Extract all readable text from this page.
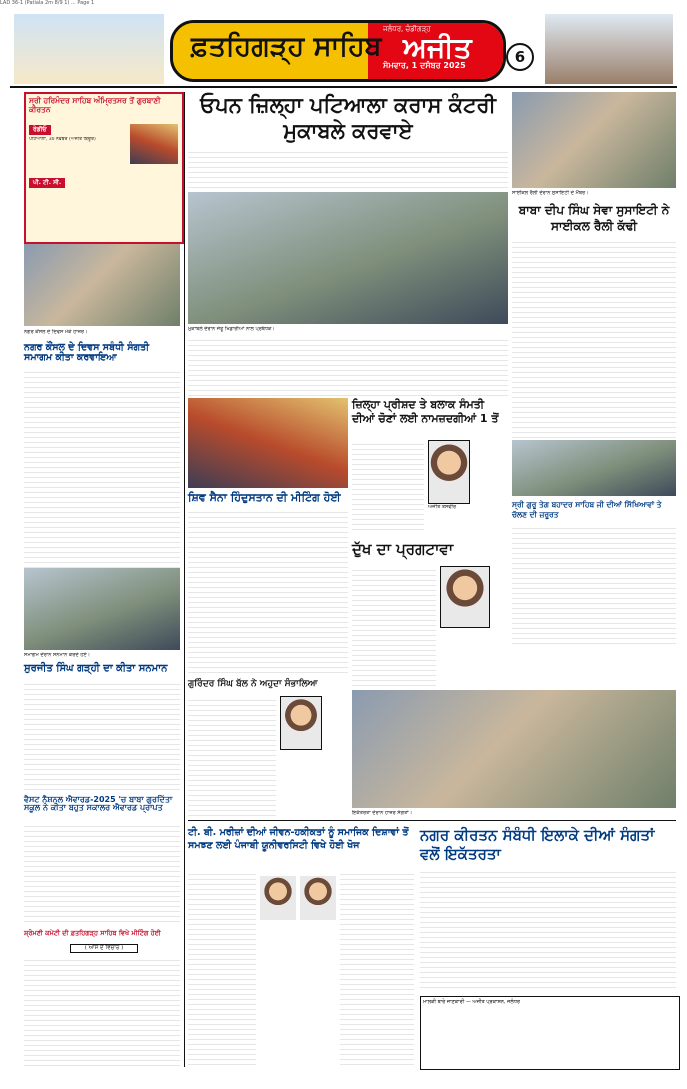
LAD 36-1 (Patiala 2m 8/9 1) ... Page 1
ਫ਼ਤਹਿਗੜ੍ਹ ਸਾਹਿਬ
ਜਲੰਧਰ, ਚੰਡੀਗੜ੍ਹ
ਅਜੀਤ
ਸੋਮਵਾਰ, 1 ਦਸੰਬਰ 2025	6
ਸ੍ਰੀ ਹਰਿਮੰਦਰ ਸਾਹਿਬ ਅੰਮ੍ਰਿਤਸਰ ਤੋਂ ਗੁਰਬਾਣੀ ਕੀਰਤਨ
ਰੇਡੀਓ
ਪਟਿਆਲਾ, 30 ਨਵੰਬਰ (ਅਜੀਤ ਬਿਊਰੋ)
ਪੀ. ਟੀ. ਸੀ.
ਨਗਰ ਕੌਂਸਲ ਦੇ ਦਿਵਸ ਮੌਕੇ ਹਾਜ਼ਰ।
ਨਗਰ ਕੌਂਸਲ ਦੇ ਦਿਵਸ ਸਬੰਧੀ ਸੰਗਤੀ ਸਮਾਗਮ ਕੀਤਾ ਕਰਵਾਇਆ
ਸਮਾਗਮ ਦੌਰਾਨ ਸਨਮਾਨ ਕਰਦੇ ਹੋਏ।
ਸੁਰਜੀਤ ਸਿੰਘ ਗੜ੍ਹੀ ਦਾ ਕੀਤਾ ਸਨਮਾਨ
ਵੈਸਟ ਨੈਸ਼ਨਲ ਐਵਾਰਡ-2025 'ਚ ਬਾਬਾ ਗੁਰਦਿੱਤਾ ਸਕੂਲ ਨੇ ਕੀਤਾ ਬਹੁਤ ਸਕਾਲਰ ਐਵਾਰਡ ਪ੍ਰਾਪਤ
ਸ਼੍ਰੋਮਣੀ ਕਮੇਟੀ ਦੀ ਫ਼ਤਹਿਗੜ੍ਹ ਸਾਹਿਬ ਵਿਖੇ ਮੀਟਿੰਗ ਹੋਈ
( ਆਸ ਦੇ ਵਿਚਾਰ )
ਓਪਨ ਜ਼ਿਲ੍ਹਾ ਪਟਿਆਲਾ ਕਰਾਸ ਕੰਟਰੀ ਮੁਕਾਬਲੇ ਕਰਵਾਏ
ਮੁਕਾਬਲੇ ਦੌਰਾਨ ਜੇਤੂ ਖਿਡਾਰੀਆਂ ਨਾਲ ਪ੍ਰਬੰਧਕ।
ਸਾਈਕਲ ਰੈਲੀ ਦੌਰਾਨ ਸੁਸਾਇਟੀ ਦੇ ਮੈਂਬਰ।
ਬਾਬਾ ਦੀਪ ਸਿੰਘ ਸੇਵਾ ਸੁਸਾਇਟੀ ਨੇ ਸਾਈਕਲ ਰੈਲੀ ਕੱਢੀ
ਸ਼ਿਵ ਸੈਨਾ ਹਿੰਦੁਸਤਾਨ ਦੀ ਮੀਟਿੰਗ ਹੋਈ
ਜ਼ਿਲ੍ਹਾ ਪ੍ਰੀਸ਼ਦ ਤੇ ਬਲਾਕ ਸੰਮਤੀ ਦੀਆਂ ਚੋਣਾਂ ਲਈ ਨਾਮਜ਼ਦਗੀਆਂ 1 ਤੋਂ
ਅਜੀਤ ਤਸਵੀਰ	ਸ੍ਰੀ ਗੁਰੂ ਤੇਗ ਬਹਾਦਰ ਸਾਹਿਬ ਜੀ ਦੀਆਂ ਸਿੱਖਿਆਵਾਂ ਤੇ ਚੱਲਣ ਦੀ ਜ਼ਰੂਰਤ
ਦੁੱਖ ਦਾ ਪ੍ਰਗਟਾਵਾ
ਗੁਰਿੰਦਰ ਸਿੰਘ ਬੱਲ ਨੇ ਅਹੁਦਾ ਸੰਭਾਲਿਆ
ਇਕੱਤਰਤਾ ਦੌਰਾਨ ਹਾਜ਼ਰ ਸੰਗਤਾਂ।
ਟੀ. ਬੀ. ਮਰੀਜ਼ਾਂ ਦੀਆਂ ਜੀਵਨ-ਹਕੀਕਤਾਂ ਨੂੰ ਸਮਾਜਿਕ ਦਿਸ਼ਾਵਾਂ ਤੋਂ ਸਮਝਣ ਲਈ ਪੰਜਾਬੀ ਯੂਨੀਵਰਸਿਟੀ ਵਿਖੇ ਹੋਈ ਖੋਜ
ਨਗਰ ਕੀਰਤਨ ਸੰਬੰਧੀ ਇਲਾਕੇ ਦੀਆਂ ਸੰਗਤਾਂ ਵਲੋਂ ਇਕੱਤਰਤਾ
ਮਾਲਕੀ ਬਾਰੇ ਜਾਣਕਾਰੀ — ਅਜੀਤ ਪ੍ਰਕਾਸ਼ਨ, ਜਲੰਧਰ
